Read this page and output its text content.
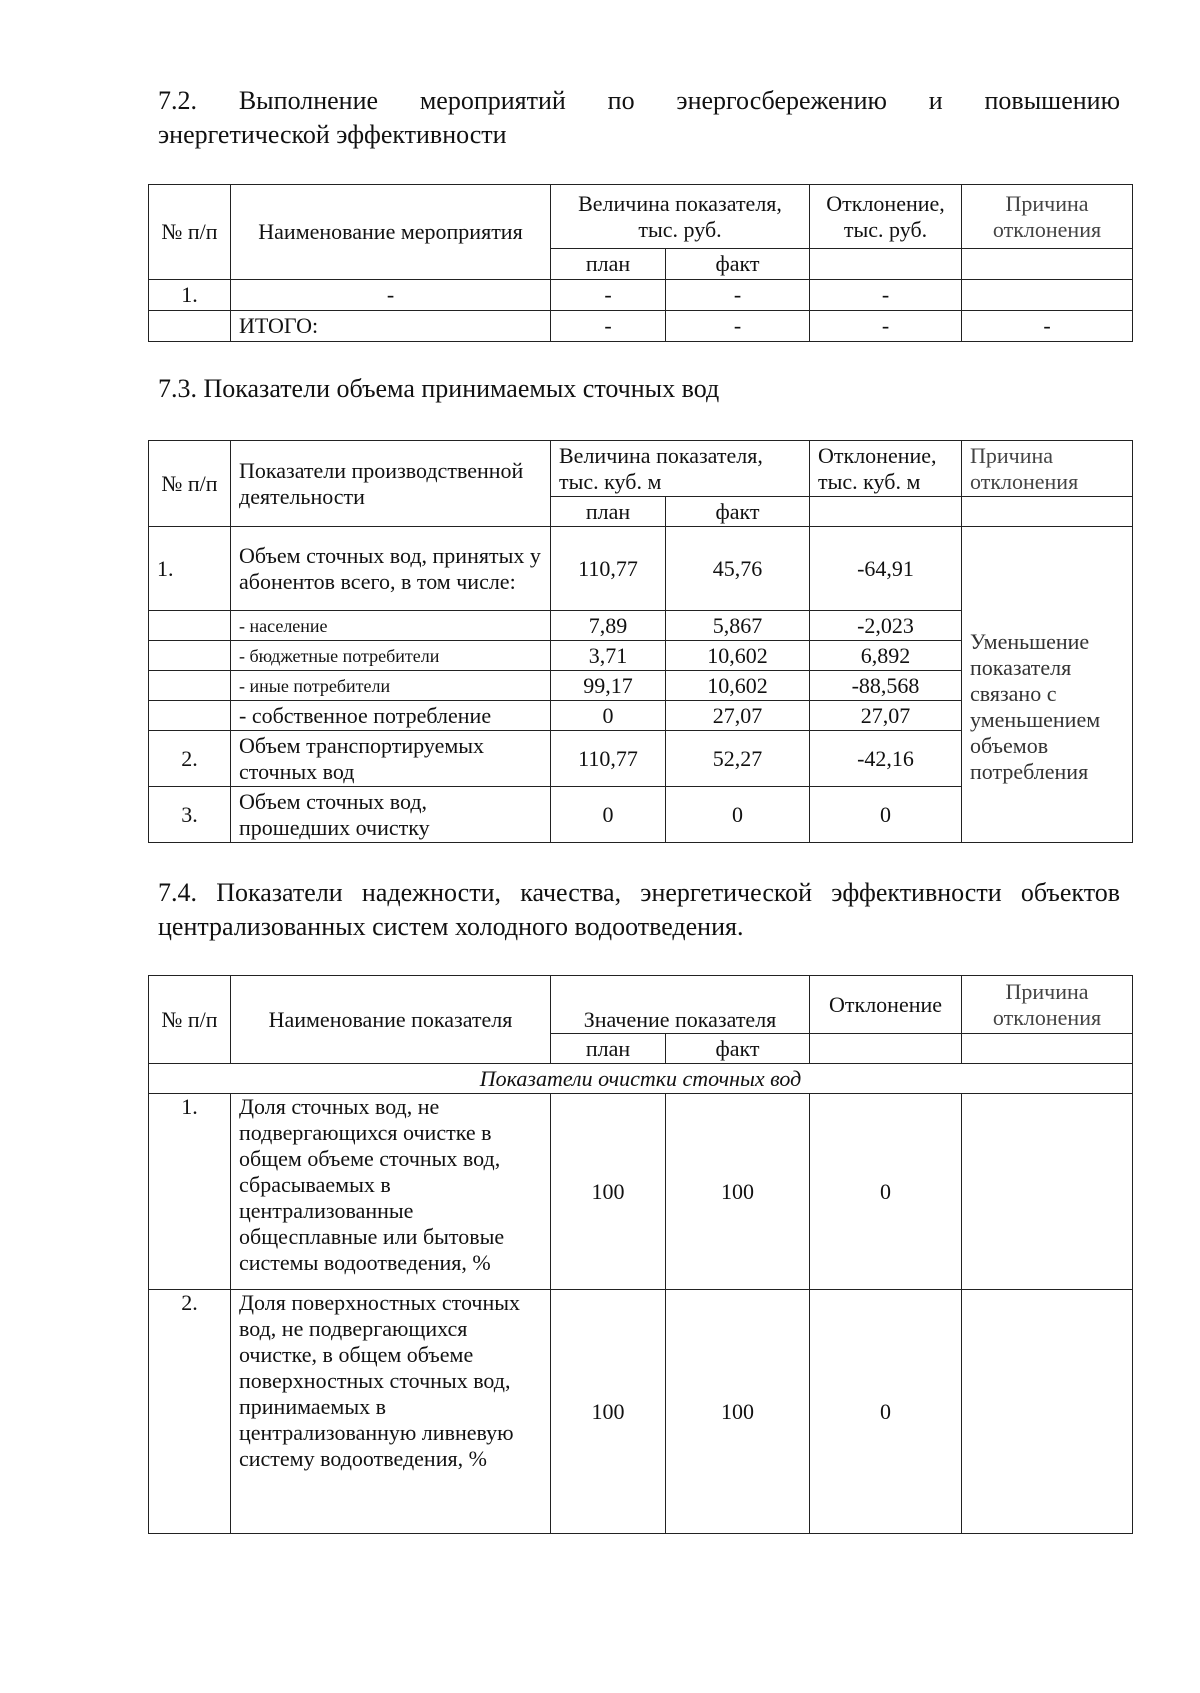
7.2. Выполнение мероприятий по энергосбережению и повышению
энергетической эффективности
№ п/п	Наименование мероприятия	Величина показателя, тыс. руб.		Отклонение, тыс. руб.	Причина отклонения
		план	факт		
1.	-	-	-	-	
	ИТОГО:	-	-	-	-
7.3. Показатели объема принимаемых сточных вод
№ п/п	Показатели производственной деятельности	Величина показателя, тыс. куб. м		Отклонение, тыс. куб. м	Причина отклонения
		план	факт		
1.	Объем сточных вод, принятых у абонентов всего, в том числе:	110,77	45,76	-64,91	Уменьшение показателя связано с уменьшением объемов потребления
	- население	7,89	5,867	-2,023	
	- бюджетные потребители	3,71	10,602	6,892	
	- иные потребители	99,17	10,602	-88,568	
	- собственное потребление	0	27,07	27,07	
2.	Объем транспортируемых сточных вод	110,77	52,27	-42,16	
3.	Объем сточных вод, прошедших очистку	0	0	0	
7.4. Показатели надежности, качества, энергетической эффективности объектов
централизованных систем холодного водоотведения.
№ п/п	Наименование показателя	Значение показателя		Отклонение	Причина отклонения
		план	факт		
Показатели очистки сточных вод					
1.	Доля сточных вод, не подвергающихся очистке в общем объеме сточных вод, сбрасываемых в централизованные общесплавные или бытовые системы водоотведения, %	100	100	0	
2.	Доля поверхностных сточных вод, не подвергающихся очистке, в общем объеме поверхностных сточных вод, принимаемых в централизованную ливневую систему водоотведения, %	100	100	0	
